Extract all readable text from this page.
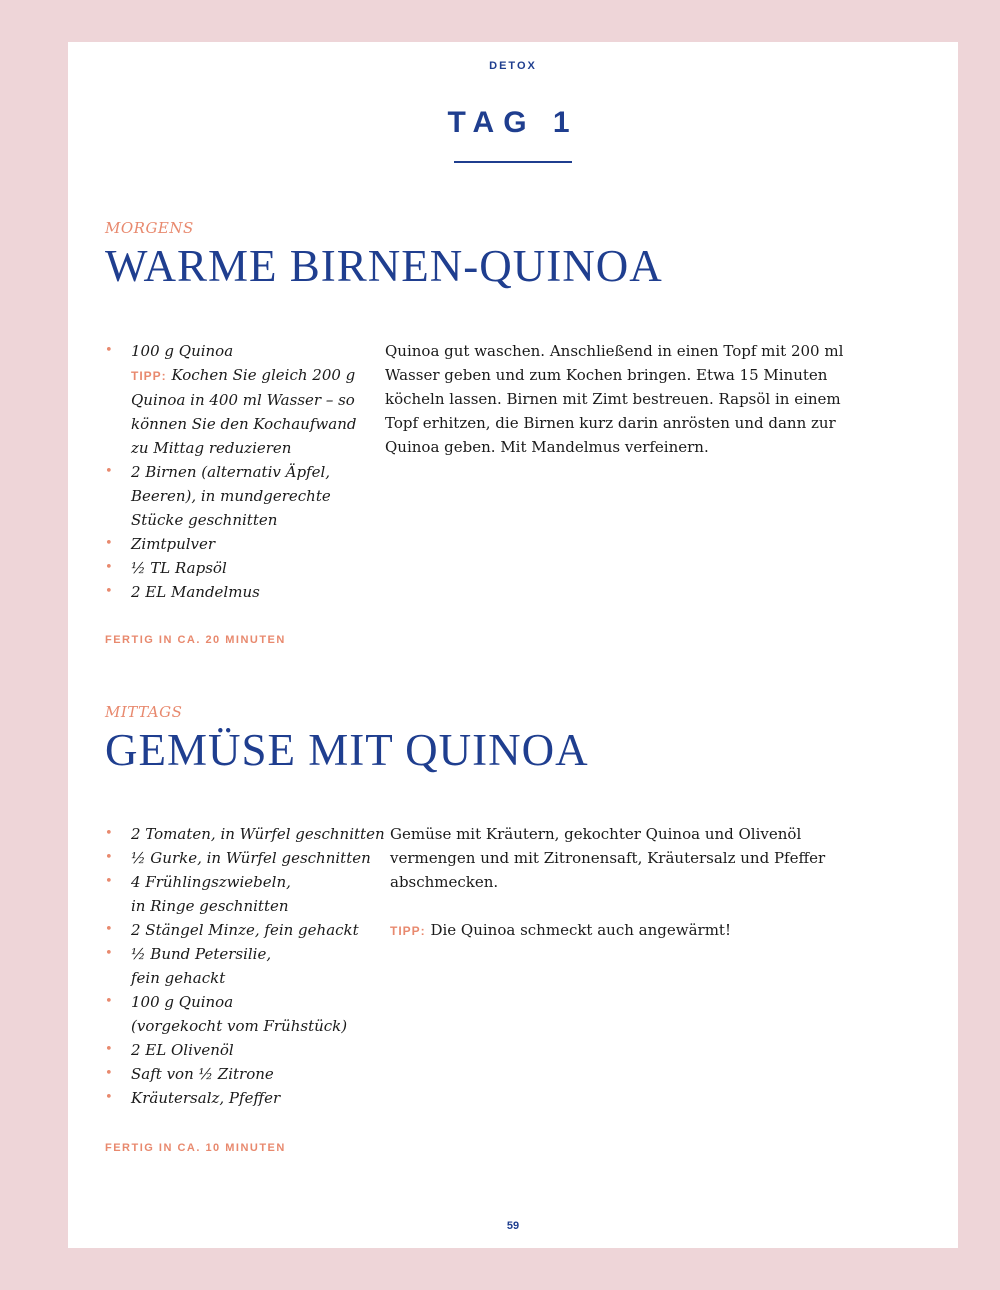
DETOX
TAG 1
MORGENS
WARME BIRNEN-QUINOA
• 100 g Quinoa
TIPP: Kochen Sie gleich 200 g
Quinoa in 400 ml Wasser – so
können Sie den Kochaufwand
zu Mittag reduzieren
• 2 Birnen (alternativ Äpfel,
Beeren), in mundgerechte
Stücke geschnitten
• Zimtpulver
• ½ TL Rapsöl
• 2 EL Mandelmus

Quinoa gut waschen. Anschließend in einen Topf mit 200 ml
Wasser geben und zum Kochen bringen. Etwa 15 Minuten
köcheln lassen. Birnen mit Zimt bestreuen. Rapsöl in einem
Topf erhitzen, die Birnen kurz darin anrösten und dann zur
Quinoa geben. Mit Mandelmus verfeinern.

FERTIG IN CA. 20 MINUTEN
MITTAGS
GEMÜSE MIT QUINOA
• 2 Tomaten, in Würfel geschnitten
• ½ Gurke, in Würfel geschnitten
• 4 Frühlingszwiebeln,
in Ringe geschnitten
• 2 Stängel Minze, fein gehackt
• ½ Bund Petersilie,
fein gehackt
• 100 g Quinoa
(vorgekocht vom Frühstück)
• 2 EL Olivenöl
• Saft von ½ Zitrone
• Kräutersalz, Pfeffer

Gemüse mit Kräutern, gekochter Quinoa und Olivenöl
vermengen und mit Zitronensaft, Kräutersalz und Pfeffer
abschmecken.

TIPP: Die Quinoa schmeckt auch angewärmt!

FERTIG IN CA. 10 MINUTEN
59
